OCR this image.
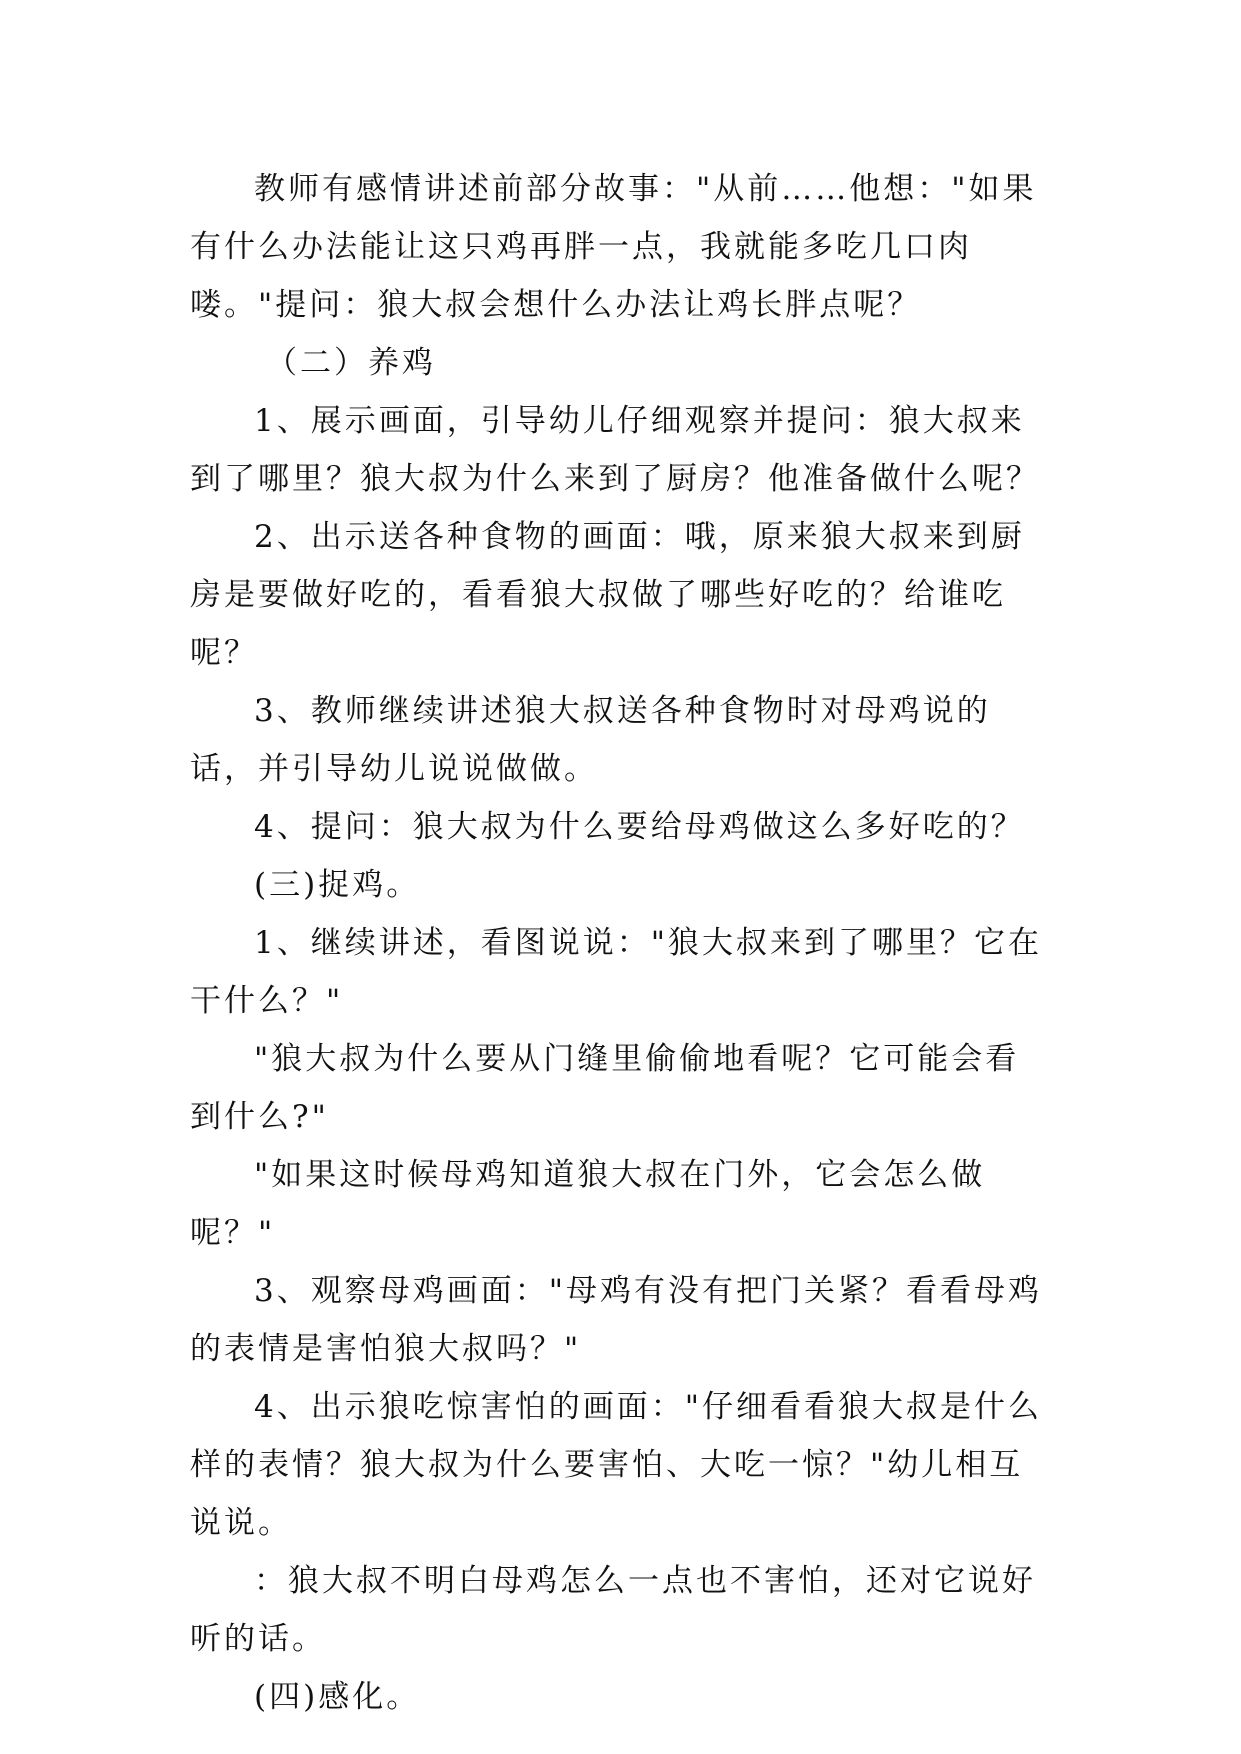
教师有感情讲述前部分故事："从前……他想："如果有什么办法能让这只鸡再胖一点，我就能多吃几口肉喽。"提问：狼大叔会想什么办法让鸡长胖点呢？

（二）养鸡

1、展示画面，引导幼儿仔细观察并提问：狼大叔来到了哪里？狼大叔为什么来到了厨房？他准备做什么呢？

2、出示送各种食物的画面：哦，原来狼大叔来到厨房是要做好吃的，看看狼大叔做了哪些好吃的？给谁吃呢？

3、教师继续讲述狼大叔送各种食物时对母鸡说的话，并引导幼儿说说做做。

4、提问：狼大叔为什么要给母鸡做这么多好吃的？

(三)捉鸡。

1、继续讲述，看图说说："狼大叔来到了哪里？它在干什么？"

"狼大叔为什么要从门缝里偷偷地看呢？它可能会看到什么?"

"如果这时候母鸡知道狼大叔在门外，它会怎么做呢？"

3、观察母鸡画面："母鸡有没有把门关紧？看看母鸡的表情是害怕狼大叔吗？"

4、出示狼吃惊害怕的画面："仔细看看狼大叔是什么样的表情？狼大叔为什么要害怕、大吃一惊？"幼儿相互说说。

：狼大叔不明白母鸡怎么一点也不害怕，还对它说好听的话。

(四)感化。
